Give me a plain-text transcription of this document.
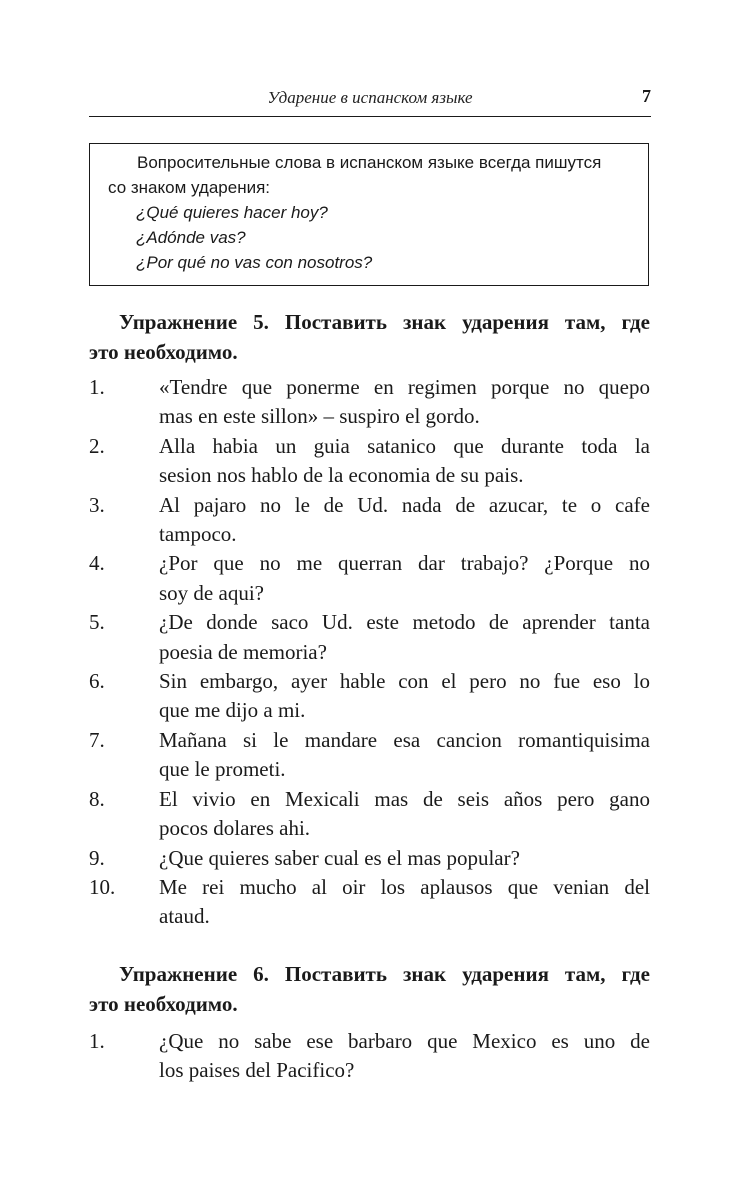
Ударение в испанском языке	7
Вопросительные слова в испанском языке всегда пишутся
со знаком ударения:
¿Qué quieres hacer hoy?
¿Adónde vas?
¿Por qué no vas con nosotros?
Упражнение 5. Поставить знак ударения там, где
это необходимо.
1.	«Tendre que ponerme en regimen porque no quepo
mas en este sillon» – suspiro el gordo.
2.	Alla habia un guia satanico que durante toda la
sesion nos hablo de la economia de su pais.
3.	Al pajaro no le de Ud. nada de azucar, te o cafe
tampoco.
4.	¿Por que no me querran dar trabajo? ¿Porque no
soy de aqui?
5.	¿De donde saco Ud. este metodo de aprender tanta
poesia de memoria?
6.	Sin embargo, ayer hable con el pero no fue eso lo
que me dijo a mi.
7.	Mañana si le mandare esa cancion romantiquisima
que le prometi.
8.	El vivio en Mexicali mas de seis años pero gano
pocos dolares ahi.
9.	¿Que quieres saber cual es el mas popular?
10.	Me rei mucho al oir los aplausos que venian del
ataud.
Упражнение 6. Поставить знак ударения там, где
это необходимо.
1.	¿Que no sabe ese barbaro que Mexico es uno de
los paises del Pacifico?
